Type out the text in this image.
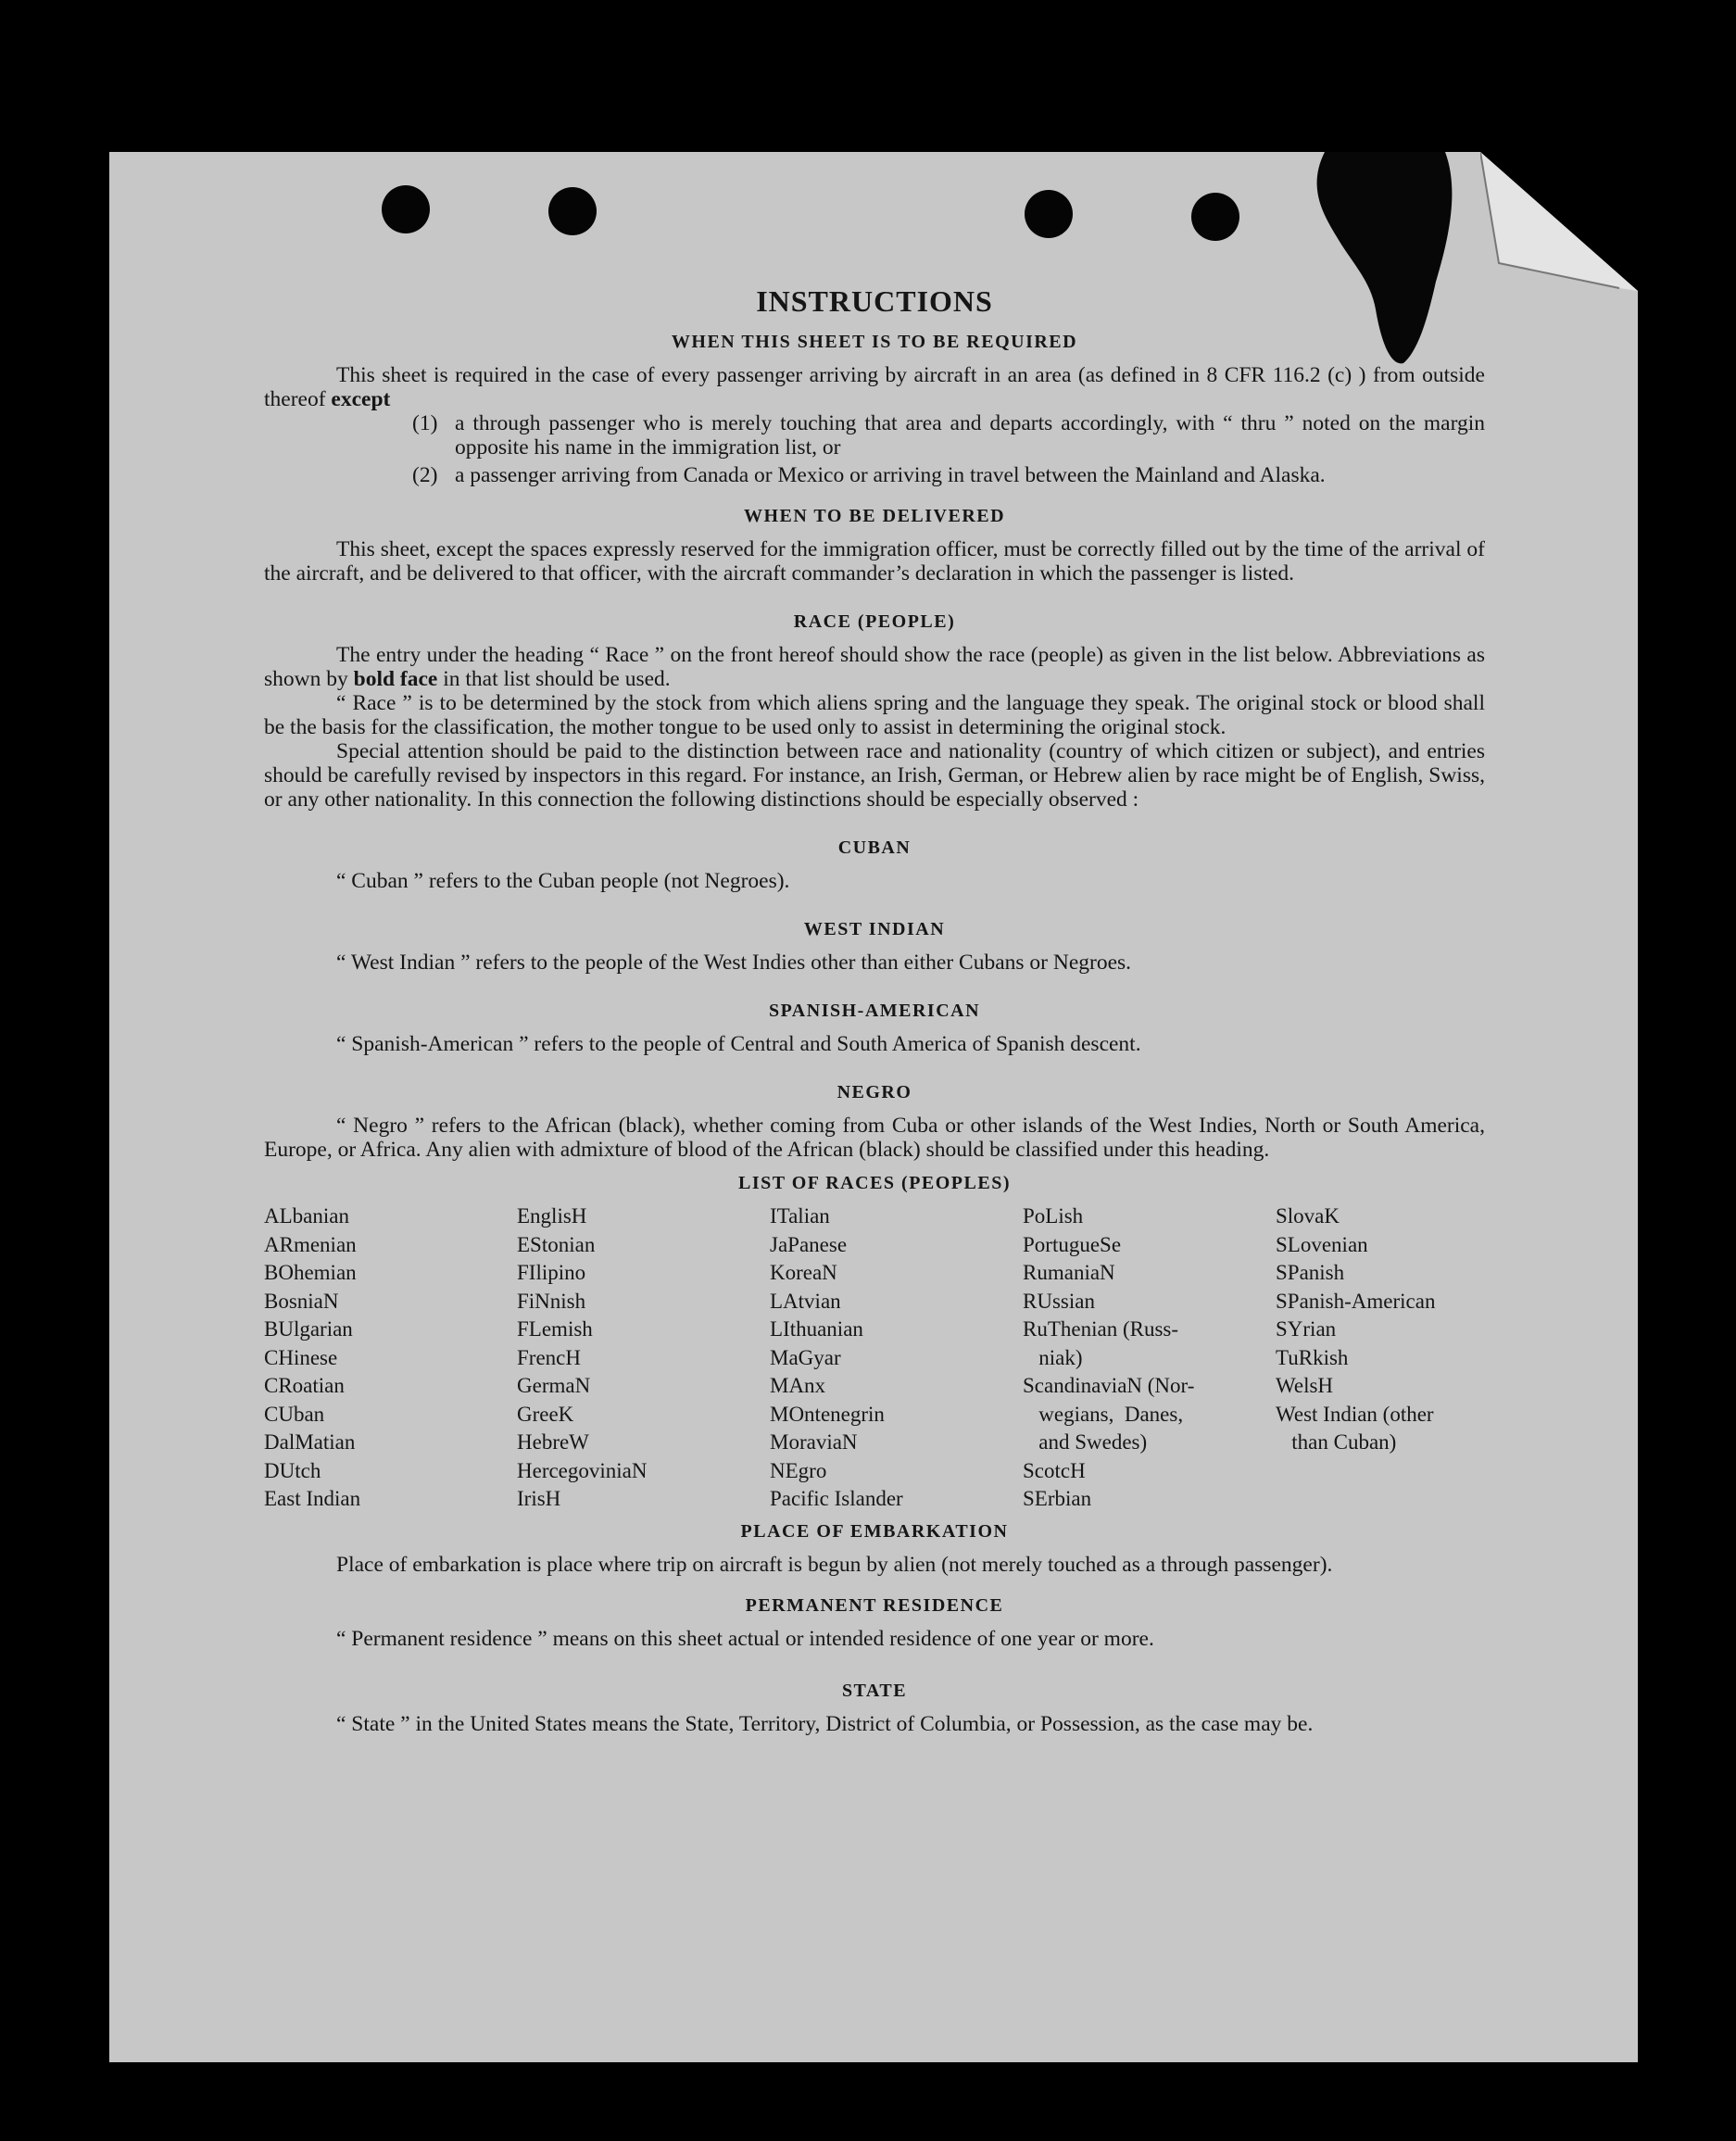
INSTRUCTIONS
WHEN THIS SHEET IS TO BE REQUIRED

This sheet is required in the case of every passenger arriving by aircraft in an area (as defined in 8 CFR 116.2 (c) ) from outside thereof except

(1) a through passenger who is merely touching that area and departs accordingly, with “ thru ” noted on the margin opposite his name in the immigration list, or
(2) a passenger arriving from Canada or Mexico or arriving in travel between the Mainland and Alaska.
WHEN TO BE DELIVERED

This sheet, except the spaces expressly reserved for the immigration officer, must be correctly filled out by the time of the arrival of the aircraft, and be delivered to that officer, with the aircraft commander’s declaration in which the passenger is listed.

RACE (PEOPLE)

The entry under the heading “ Race ” on the front hereof should show the race (people) as given in the list below. Abbreviations as shown by bold face in that list should be used.

“ Race ” is to be determined by the stock from which aliens spring and the language they speak. The original stock or blood shall be the basis for the classification, the mother tongue to be used only to assist in determining the original stock.

Special attention should be paid to the distinction between race and nationality (country of which citizen or subject), and entries should be carefully revised by inspectors in this regard. For instance, an Irish, German, or Hebrew alien by race might be of English, Swiss, or any other nationality. In this connection the following distinctions should be especially observed :

CUBAN

“ Cuban ” refers to the Cuban people (not Negroes).

WEST INDIAN

“ West Indian ” refers to the people of the West Indies other than either Cubans or Negroes.

SPANISH-AMERICAN

“ Spanish-American ” refers to the people of Central and South America of Spanish descent.

NEGRO

“ Negro ” refers to the African (black), whether coming from Cuba or other islands of the West Indies, North or South America, Europe, or Africa. Any alien with admixture of blood of the African (black) should be classified under this heading.

LIST OF RACES (PEOPLES)
ALbanian
ARmenian
BOhemian
BosniaN
BUlgarian
CHinese
CRoatian
CUban
DalMatian
DUtch
East Indian
EnglisH
EStonian
FIlipino
FiNnish
FLemish
FrencH
GermaN
GreeK
HebreW
HercegoviniaN
IrisH
ITalian
JaPanese
KoreaN
LAtvian
LIthuanian
MaGyar
MAnx
MOntenegrin
MoraviaN
NEgro
Pacific Islander
PoLish
PortugueSe
RumaniaN
RUssian
RuThenian (Russ-
niak)
ScandinaviaN (Nor-
wegians,  Danes,
and Swedes)
ScotcH
SErbian
SlovaK
SLovenian
SPanish
SPanish-American
SYrian
TuRkish
WelsH
West Indian (other
than Cuban)
PLACE OF EMBARKATION

Place of embarkation is place where trip on aircraft is begun by alien (not merely touched as a through passenger).

PERMANENT RESIDENCE

“ Permanent residence ” means on this sheet actual or intended residence of one year or more.

STATE

“ State ” in the United States means the State, Territory, District of Columbia, or Possession, as the case may be.
